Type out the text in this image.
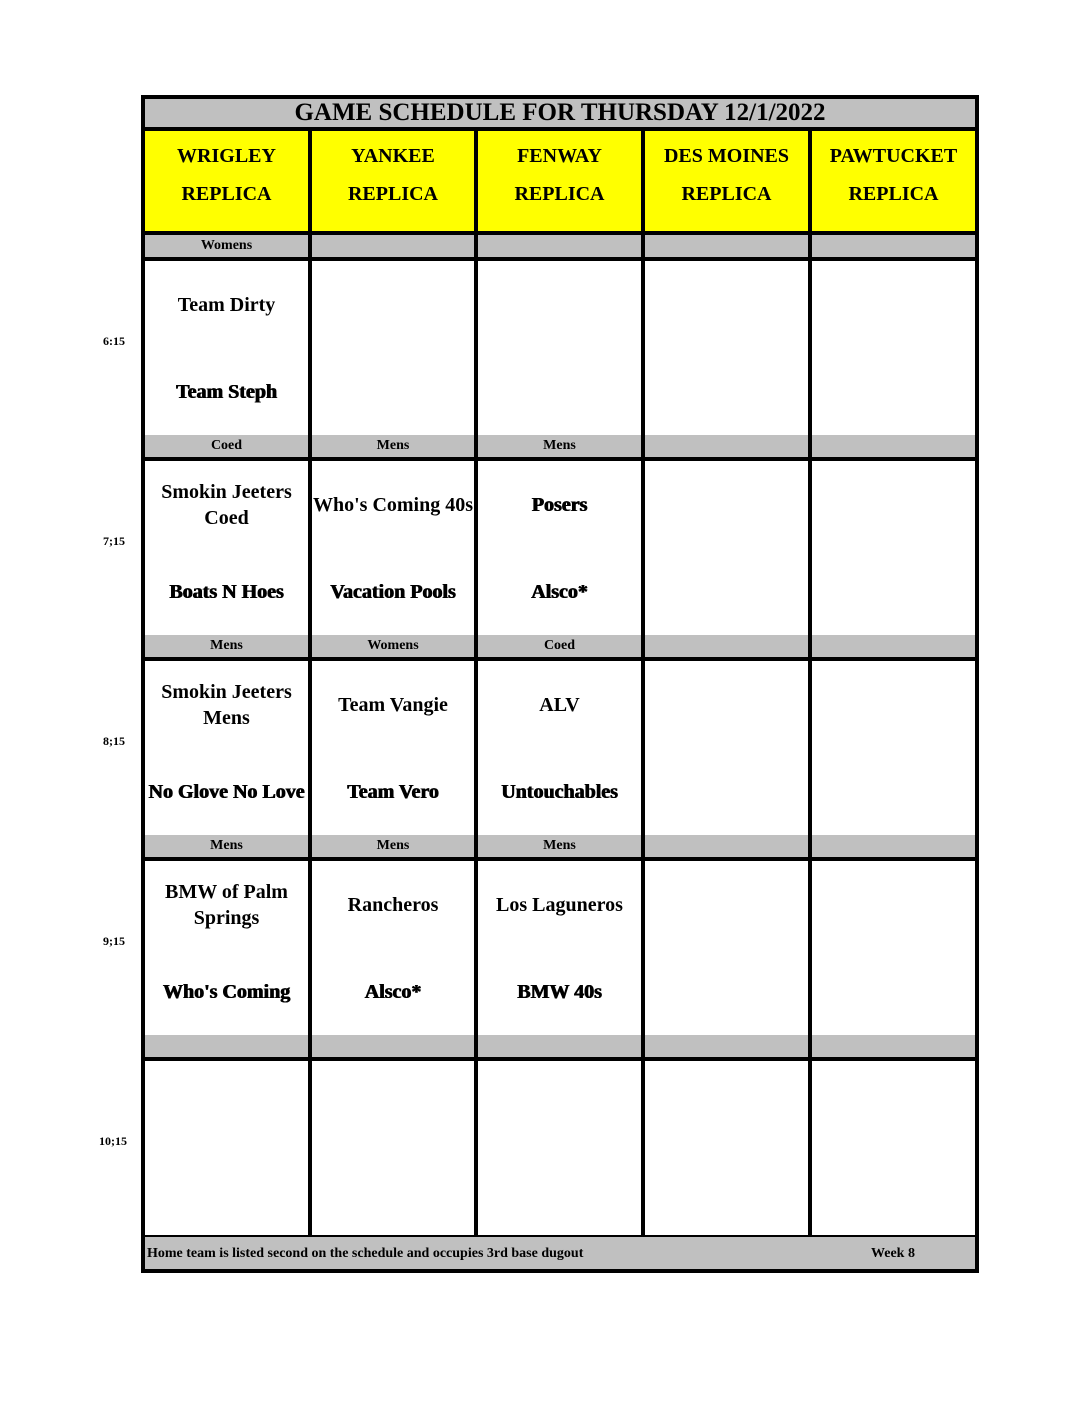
GAME SCHEDULE FOR THURSDAY 12/1/2022
WRIGLEY
REPLICA
YANKEE
REPLICA
FENWAY
REPLICA
DES MOINES
REPLICA
PAWTUCKET
REPLICA
Womens
Team Dirty
Team Steph
Coed
Smokin Jeeters Coed
Boats N Hoes
Mens
Who's Coming 40s
Vacation Pools
Mens
Posers
Alsco*
Mens
Smokin Jeeters Mens
No Glove No Love
Womens
Team Vangie
Team Vero
Coed
ALV
Untouchables
Mens
BMW of Palm Springs
Who's Coming
Mens
Rancheros
Alsco*
Mens
Los Laguneros
BMW 40s
Home team is listed second on the schedule and occupies 3rd base dugout	Week 8
6:15
7;15
8;15
9;15
10;15
